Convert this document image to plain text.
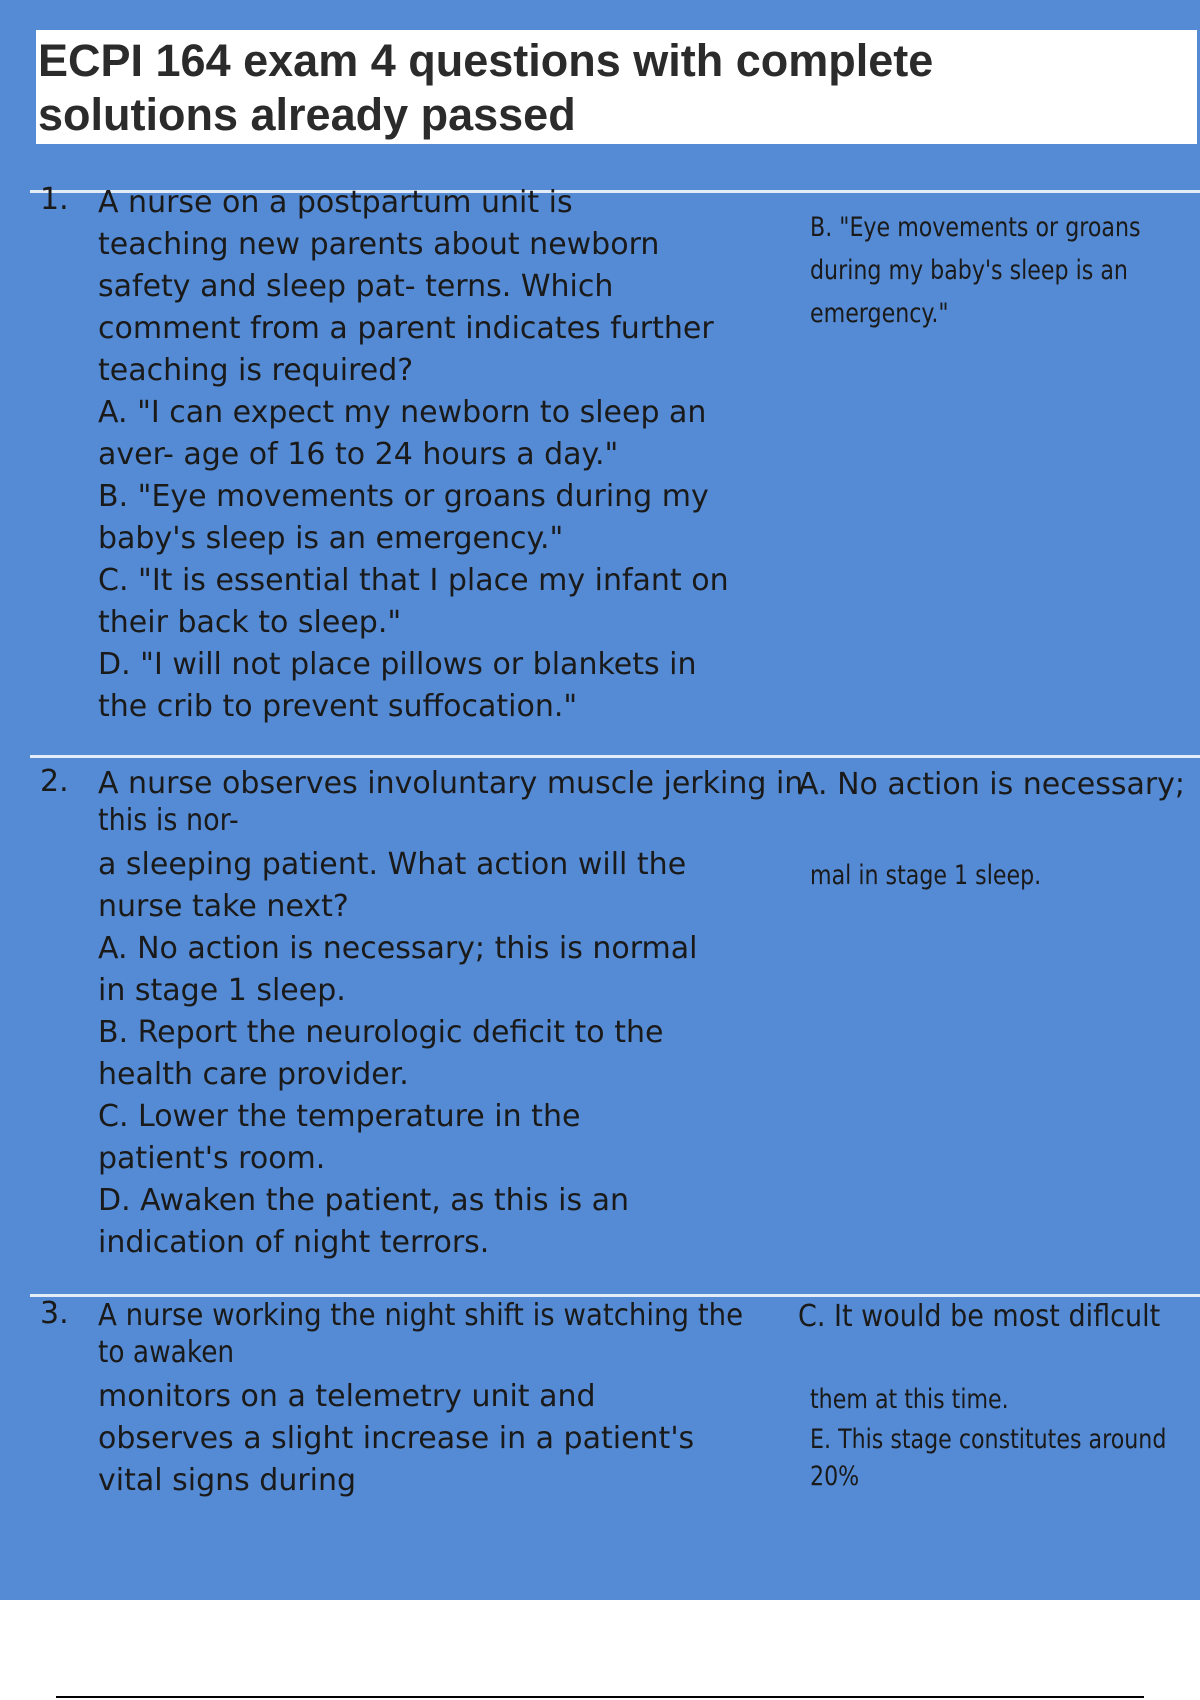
ECPI 164 exam 4 questions with complete

solutions already passed

1. A nurse on a postpartum unit is
teaching new parents about newborn
safety and sleep pat- terns. Which
comment from a parent indicates further
teaching is required?
A. "I can expect my newborn to sleep an
aver- age of 16 to 24 hours a day."
B. "Eye movements or groans during my
baby's sleep is an emergency."
C. "It is essential that I place my infant on
their back to sleep."
D. "I will not place pillows or blankets in
the crib to prevent suffocation."
B. "Eye movements or groans
during my baby's sleep is an
emergency."
2. A nurse observes involuntary muscle jerking in
this is nor-
A. No action is necessary;
a sleeping patient. What action will the
nurse take next?
A. No action is necessary; this is normal
in stage 1 sleep.
B. Report the neurologic deficit to the
health care provider.
C. Lower the temperature in the
patient's room.
D. Awaken the patient, as this is an
indication of night terrors.
mal in stage 1 sleep.
3. A nurse working the night shift is watching the
to awaken
C. It would be most diflcult
monitors on a telemetry unit and
observes a slight increase in a patient's
vital signs during
them at this time.
E. This stage constitutes around
20%
